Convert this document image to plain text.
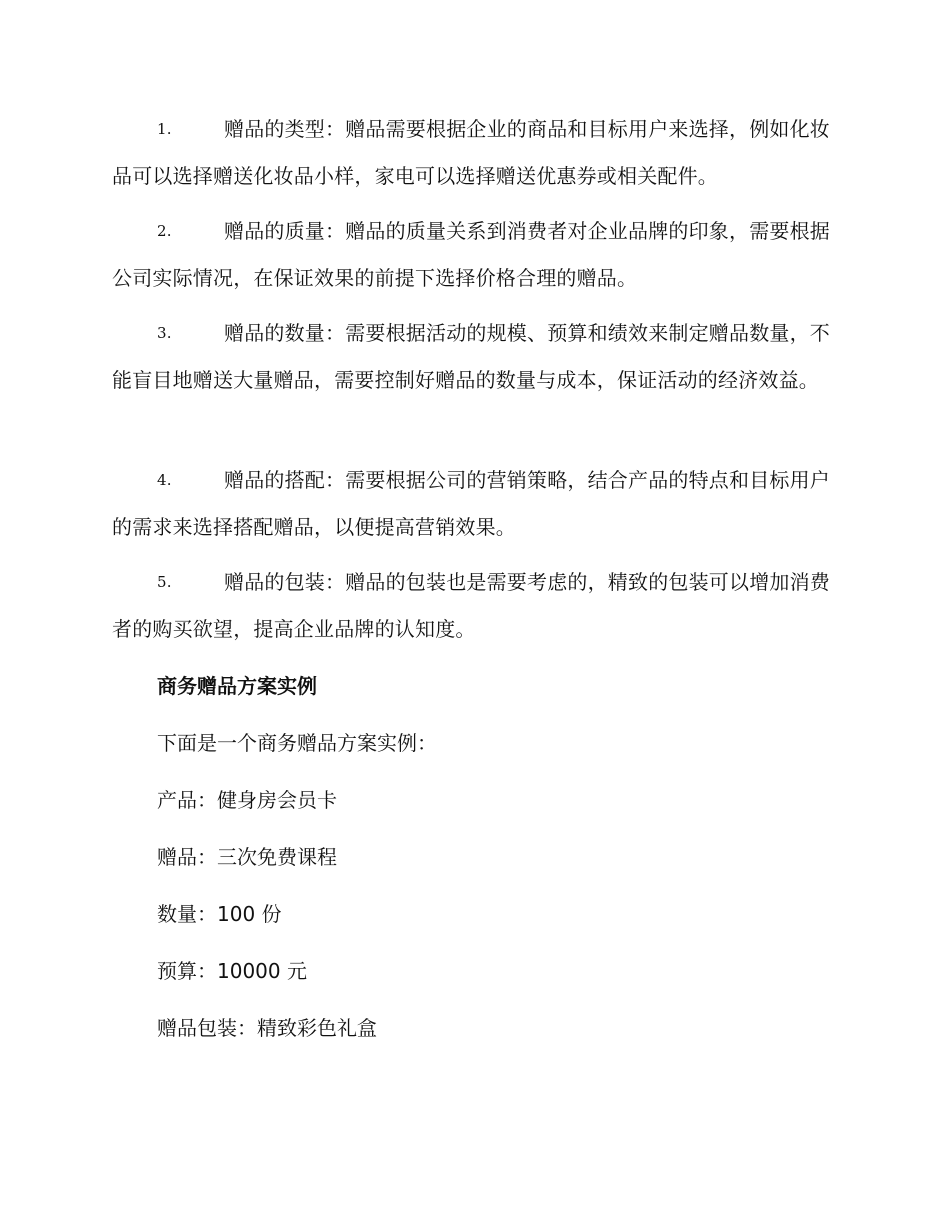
1.	赠品的类型：赠品需要根据企业的商品和目标用户来选择，例如化妆品可以选择赠送化妆品小样，家电可以选择赠送优惠券或相关配件。
2.	赠品的质量：赠品的质量关系到消费者对企业品牌的印象，需要根据公司实际情况，在保证效果的前提下选择价格合理的赠品。
3.	赠品的数量：需要根据活动的规模、预算和绩效来制定赠品数量，不能盲目地赠送大量赠品，需要控制好赠品的数量与成本，保证活动的经济效益。
4.	赠品的搭配：需要根据公司的营销策略，结合产品的特点和目标用户的需求来选择搭配赠品，以便提高营销效果。
5.	赠品的包装：赠品的包装也是需要考虑的，精致的包装可以增加消费者的购买欲望，提高企业品牌的认知度。
商务赠品方案实例
下面是一个商务赠品方案实例：
产品：健身房会员卡
赠品：三次免费课程
数量：100 份
预算：10000 元
赠品包装：精致彩色礼盒
